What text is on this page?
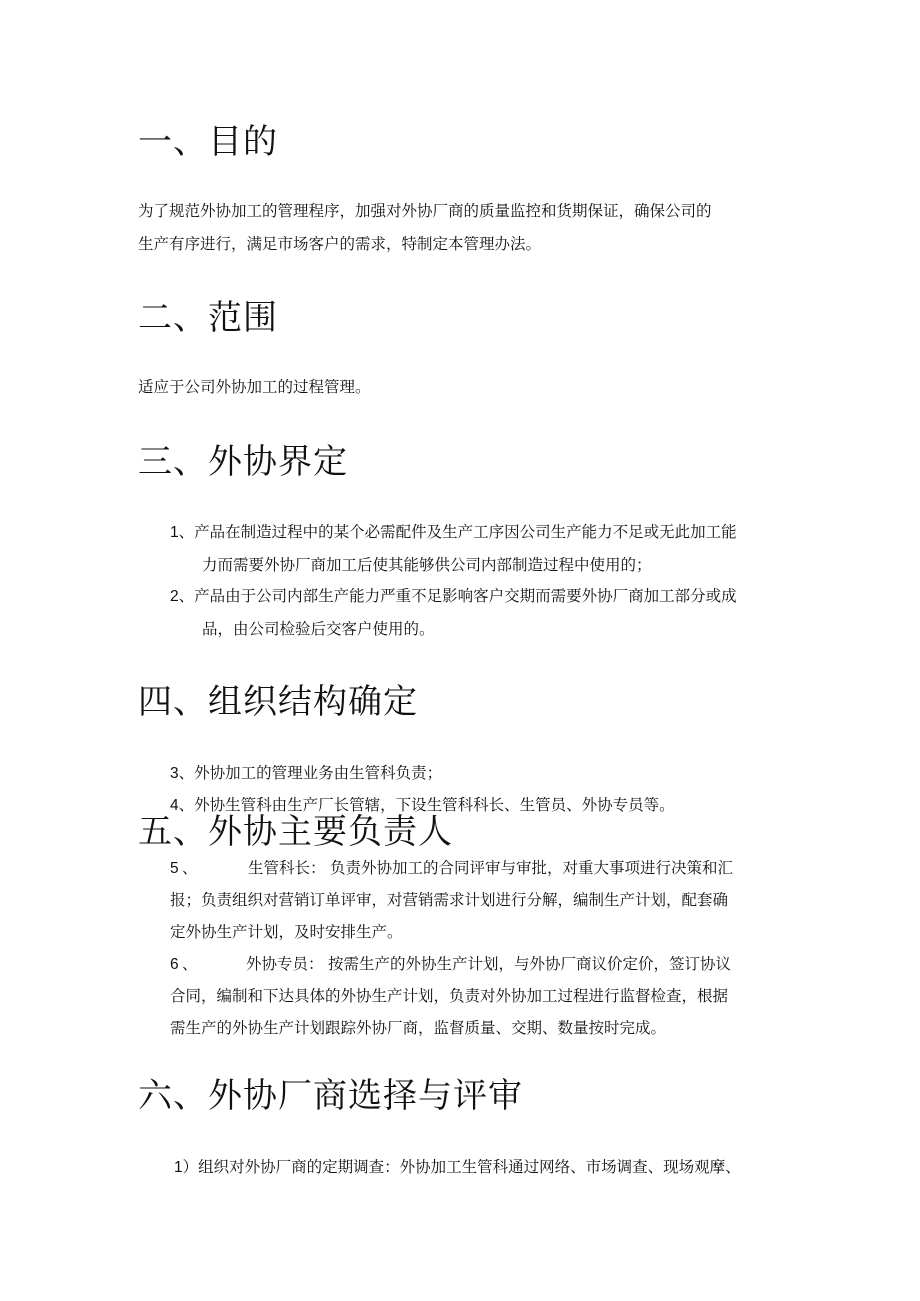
一、目的

为了规范外协加工的管理程序，加强对外协厂商的质量监控和货期保证，确保公司的

生产有序进行，满足市场客户的需求，特制定本管理办法。

二、范围

适应于公司外协加工的过程管理。

三、外协界定

1、产品在制造过程中的某个必需配件及生产工序因公司生产能力不足或无此加工能

力而需要外协厂商加工后使其能够供公司内部制造过程中使用的；

2、产品由于公司内部生产能力严重不足影响客户交期而需要外协厂商加工部分或成

品，由公司检验后交客户使用的。

四、组织结构确定

3、外协加工的管理业务由生管科负责；

4、外协生管科由生产厂长管辖，下设生管科科长、生管员、外协专员等。

五、外协主要负责人
5 、	生管科长： 负责外协加工的合同评审与审批，对重大事项进行决策和汇

报；负责组织对营销订单评审，对营销需求计划进行分解，编制生产计划，配套确

定外协生产计划，及时安排生产。

6 、	外协专员： 按需生产的外协生产计划，与外协厂商议价定价，签订协议

合同，编制和下达具体的外协生产计划，负责对外协加工过程进行监督检查，根据

需生产的外协生产计划跟踪外协厂商，监督质量、交期、数量按时完成。

六、外协厂商选择与评审

1）组织对外协厂商的定期调查：外协加工生管科通过网络、市场调查、现场观摩、
